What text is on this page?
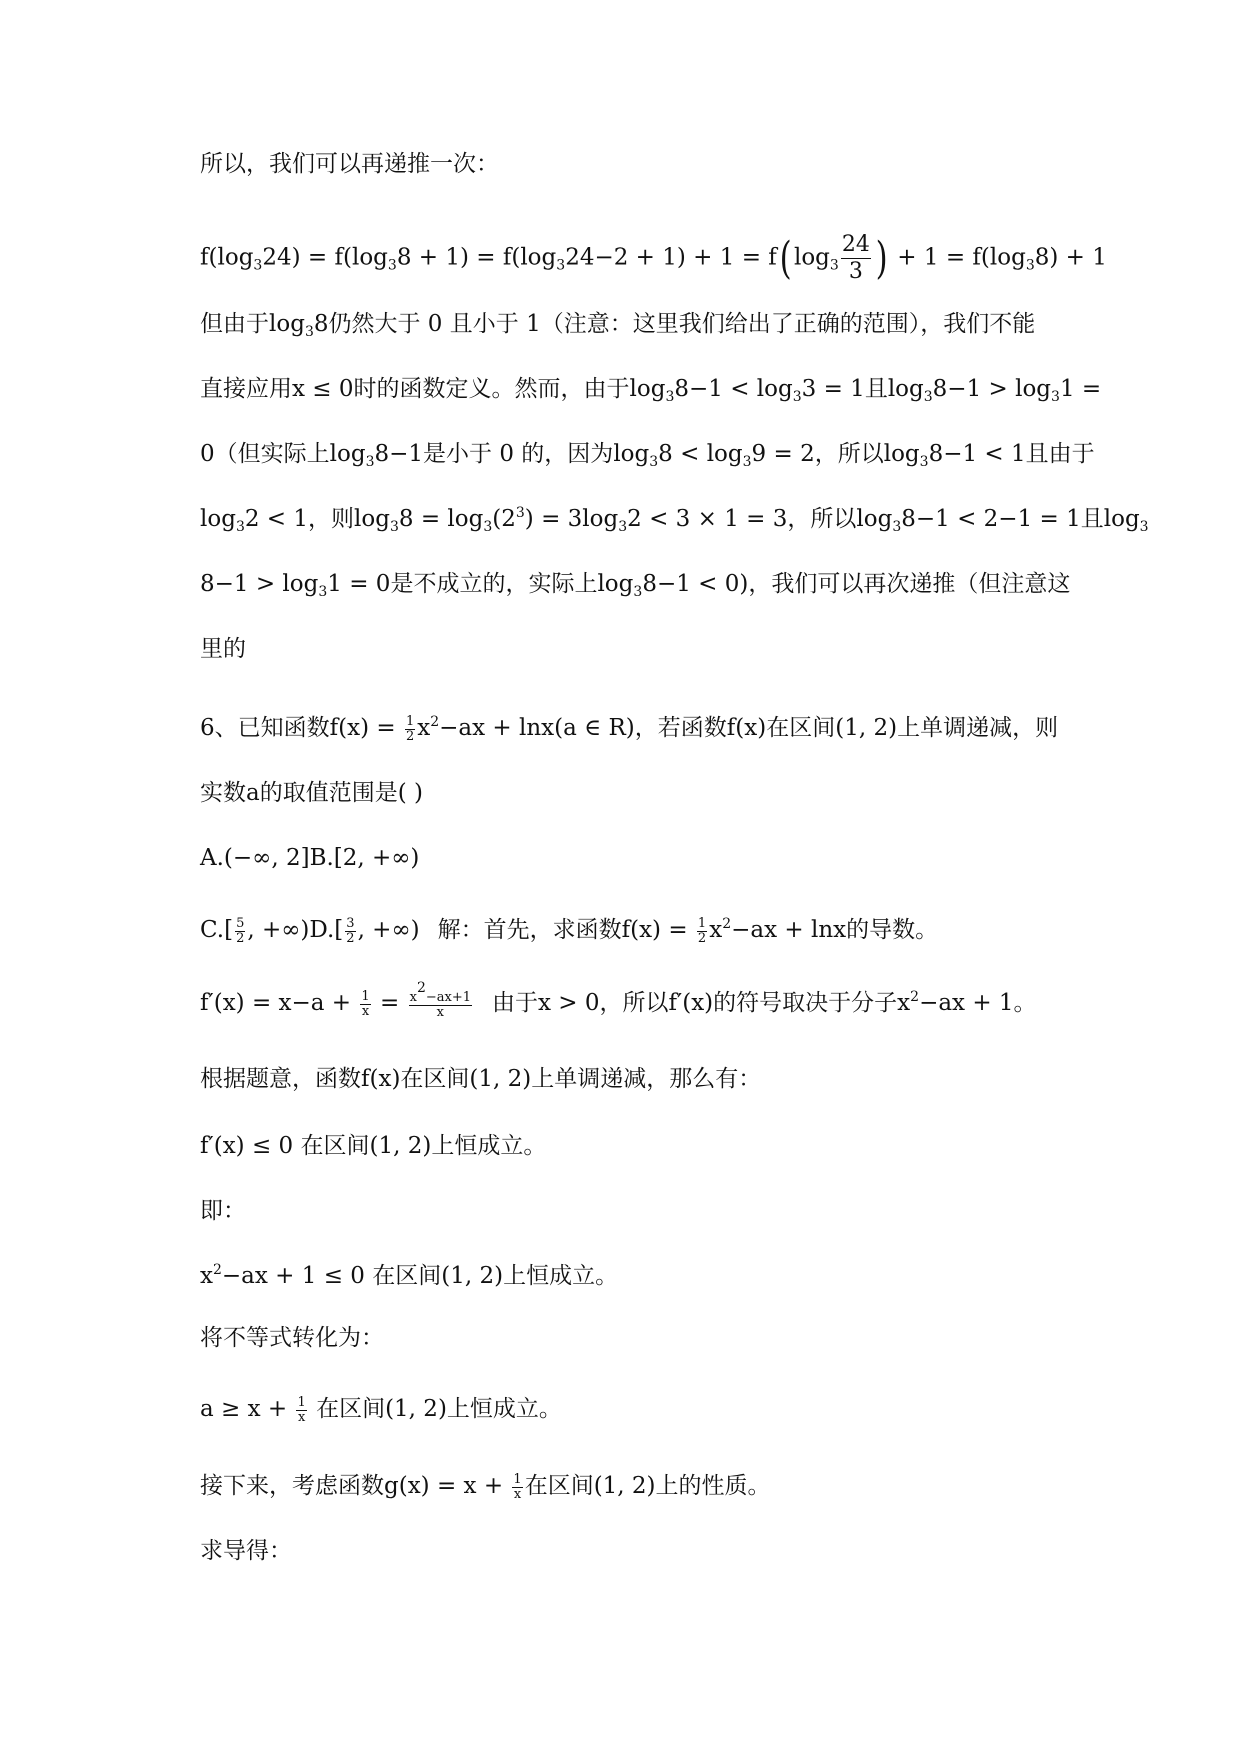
所以，我们可以再递推一次：
$f(\log_324) = f(\log_38 + 1) = f(\log_324-2 + 1) + 1 = f$( $\log_3 \frac{24}{3}$ ) + $1 = f(\log_38) + 1$
但由于$\log_38$仍然大于 0 且小于 1（注意：这里我们给出了正确的范围），我们不能
直接应用x ≤ 0时的函数定义。然而，由于$\log_38-1 < \log_33 = 1$且$\log_38-1 > \log_31$ =
0（但实际上$\log_38-1$是小于 0 的，因为$\log_38 < \log_39 = 2$，所以$\log_38-1 < 1$且由于
$\log_32 < 1$，则$\log_38 = \log_3(2^3) = 3\log_32 < 3 \times 1 = 3$，所以$\log_38-1 < 2-1 = 1$且$\log_3$
$8-1 > \log_31 = 0$是不成立的，实际上$\log_38-1 < 0$)，我们可以再次递推（但注意这
里的
6、已知函数$f(x) = \frac{1}{2} x^2-ax + \ln x(a$ ∈ R)，若函数f(x)在区间(1, 2)上单调递减，则
实数a的取值范围是( )
A.(−∞, 2]B.[2, +∞)
$C.[ \frac{5}{2}$ , $+\infty)D.[ \frac{3}{2}$ , +∞) 解：首先，求函数$f(x) = \frac{1}{2} x^2-ax + \ln x$的导数。
$f'(x) = x-a + \frac{1}{x} = \frac{x^2-ax+1}{x}$ 由于x > 0，所以f′(x)的符号取决于分子$x^2-ax + 1$。
根据题意，函数f(x)在区间(1, 2)上单调递减，那么有：
f′(x) ≤ 0 在区间(1, 2)上恒成立。
即：
$x^2-ax + 1 \le 0$ 在区间(1, 2)上恒成立。
将不等式转化为：
$a \ge x + \frac{1}{x}$ 在区间(1, 2)上恒成立。
接下来，考虑函数$g(x) = x + \frac{1}{x}$ 在区间(1, 2)上的性质。
求导得：
